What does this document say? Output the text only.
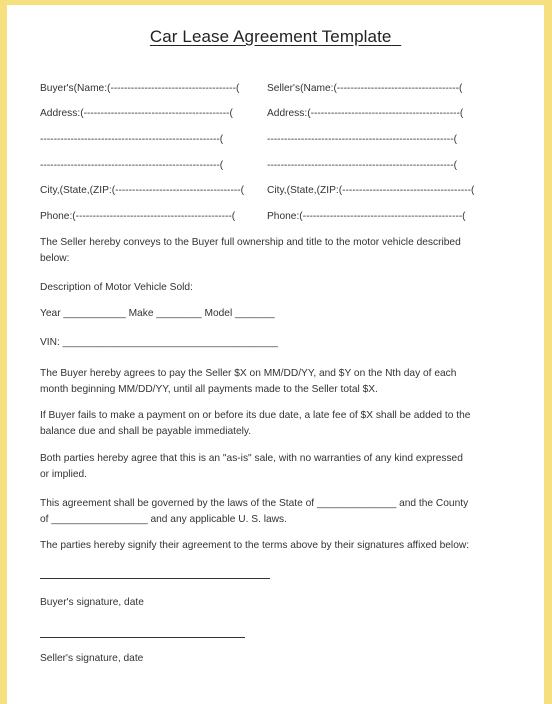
Car Lease Agreement Template
Buyer's(Name:(-------------------------------------(	Seller's(Name:(------------------------------------(
Address:(-------------------------------------------(	Address:(--------------------------------------------(
-----------------------------------------------------(	-------------------------------------------------------(
-----------------------------------------------------(	-------------------------------------------------------(
City,(State,(ZIP:(-------------------------------------( City,(State,(ZIP:(--------------------------------------(
Phone:(----------------------------------------------(	Phone:(-----------------------------------------------(

The Seller hereby conveys to the Buyer full ownership and title to the motor vehicle described

below:

Description of Motor Vehicle Sold:
Year ___________ Make ________ Model _______
VIN: ______________________________________

The Buyer hereby agrees to pay the Seller $X on MM/DD/YY, and $Y on the Nth day of each

month beginning MM/DD/YY, until all payments made to the Seller total $X.

If Buyer fails to make a payment on or before its due date, a late fee of $X shall be added to the

balance due and shall be payable immediately.

Both parties hereby agree that this is an "as-is" sale, with no warranties of any kind expressed

or implied.

This agreement shall be governed by the laws of the State of ______________ and the County

of _________________ and any applicable U. S. laws.

The parties hereby signify their agreement to the terms above by their signatures affixed below:
Buyer's signature, date
Seller's signature, date
